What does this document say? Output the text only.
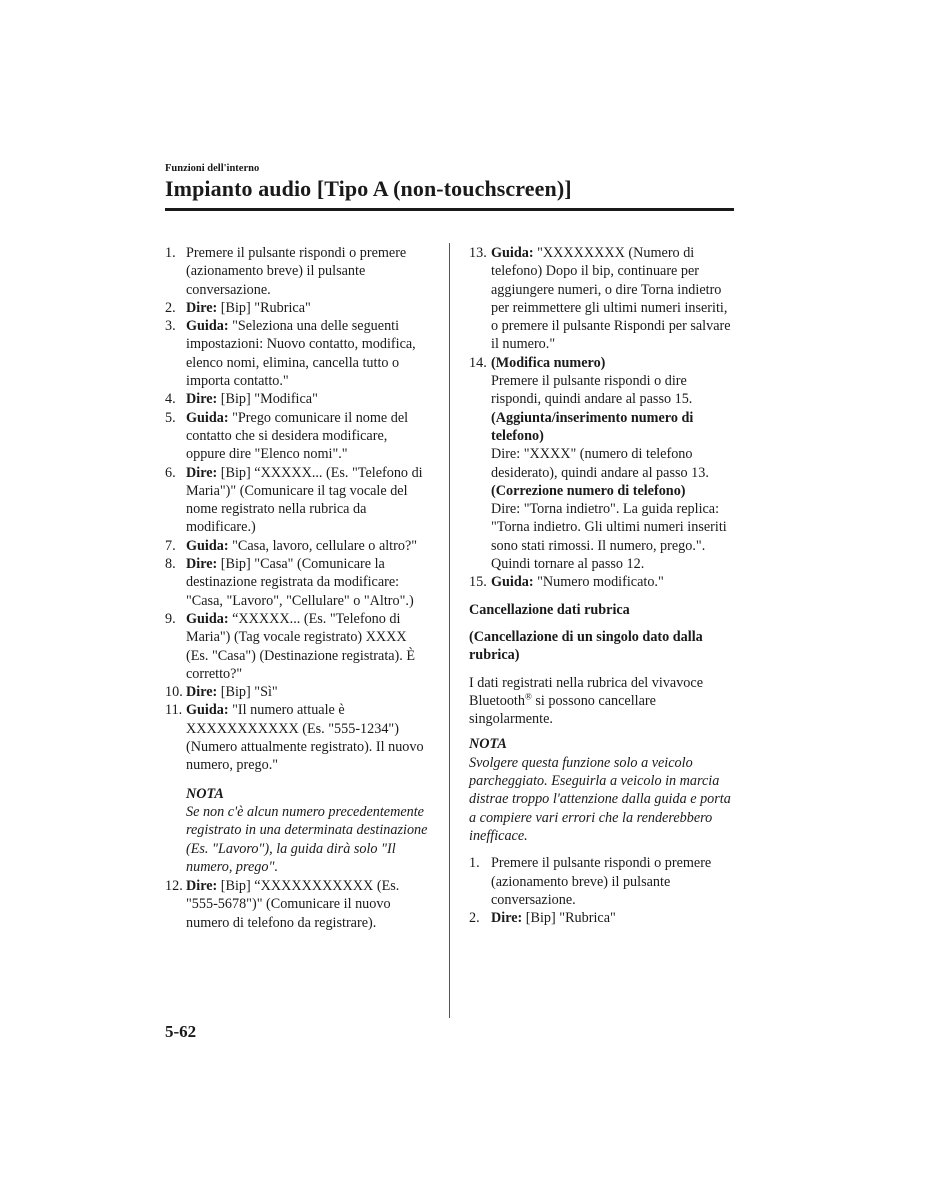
Funzioni dell'interno
Impianto audio [Tipo A (non-touchscreen)]
1. Premere il pulsante rispondi o premere (azionamento breve) il pulsante conversazione.
2. Dire: [Bip] "Rubrica"
3. Guida: "Seleziona una delle seguenti impostazioni: Nuovo contatto, modifica, elenco nomi, elimina, cancella tutto o importa contatto."
4. Dire: [Bip] "Modifica"
5. Guida: "Prego comunicare il nome del contatto che si desidera modificare, oppure dire "Elenco nomi"."
6. Dire: [Bip] “XXXXX... (Es. "Telefono di Maria")" (Comunicare il tag vocale del nome registrato nella rubrica da modificare.)
7. Guida: "Casa, lavoro, cellulare o altro?"
8. Dire: [Bip] "Casa" (Comunicare la destinazione registrata da modificare: "Casa, "Lavoro", "Cellulare" o "Altro".)
9. Guida: “XXXXX... (Es. "Telefono di Maria") (Tag vocale registrato) XXXX (Es. "Casa") (Destinazione registrata). È corretto?"
10. Dire: [Bip] "Sì"
11. Guida: "Il numero attuale è XXXXXXXXXXX (Es. "555-1234") (Numero attualmente registrato). Il nuovo numero, prego."
NOTA
Se non c'è alcun numero precedentemente registrato in una determinata destinazione (Es. "Lavoro"), la guida dirà solo "Il numero, prego".
12. Dire: [Bip] “XXXXXXXXXXX (Es. "555-5678")" (Comunicare il nuovo numero di telefono da registrare).
13. Guida: "XXXXXXXX (Numero di telefono) Dopo il bip, continuare per aggiungere numeri, o dire Torna indietro per reimmettere gli ultimi numeri inseriti, o premere il pulsante Rispondi per salvare il numero."
14. (Modifica numero)
Premere il pulsante rispondi o dire rispondi, quindi andare al passo 15.
(Aggiunta/inserimento numero di telefono)
Dire: "XXXX" (numero di telefono desiderato), quindi andare al passo 13.
(Correzione numero di telefono)
Dire: "Torna indietro". La guida replica: "Torna indietro. Gli ultimi numeri inseriti sono stati rimossi. Il numero, prego.". Quindi tornare al passo 12.
15. Guida: "Numero modificato."
Cancellazione dati rubrica
(Cancellazione di un singolo dato dalla rubrica)
I dati registrati nella rubrica del vivavoce Bluetooth® si possono cancellare singolarmente.
NOTA
Svolgere questa funzione solo a veicolo parcheggiato. Eseguirla a veicolo in marcia distrae troppo l'attenzione dalla guida e porta a compiere vari errori che la renderebbero inefficace.
1. Premere il pulsante rispondi o premere (azionamento breve) il pulsante conversazione.
2. Dire: [Bip] "Rubrica"
5-62
